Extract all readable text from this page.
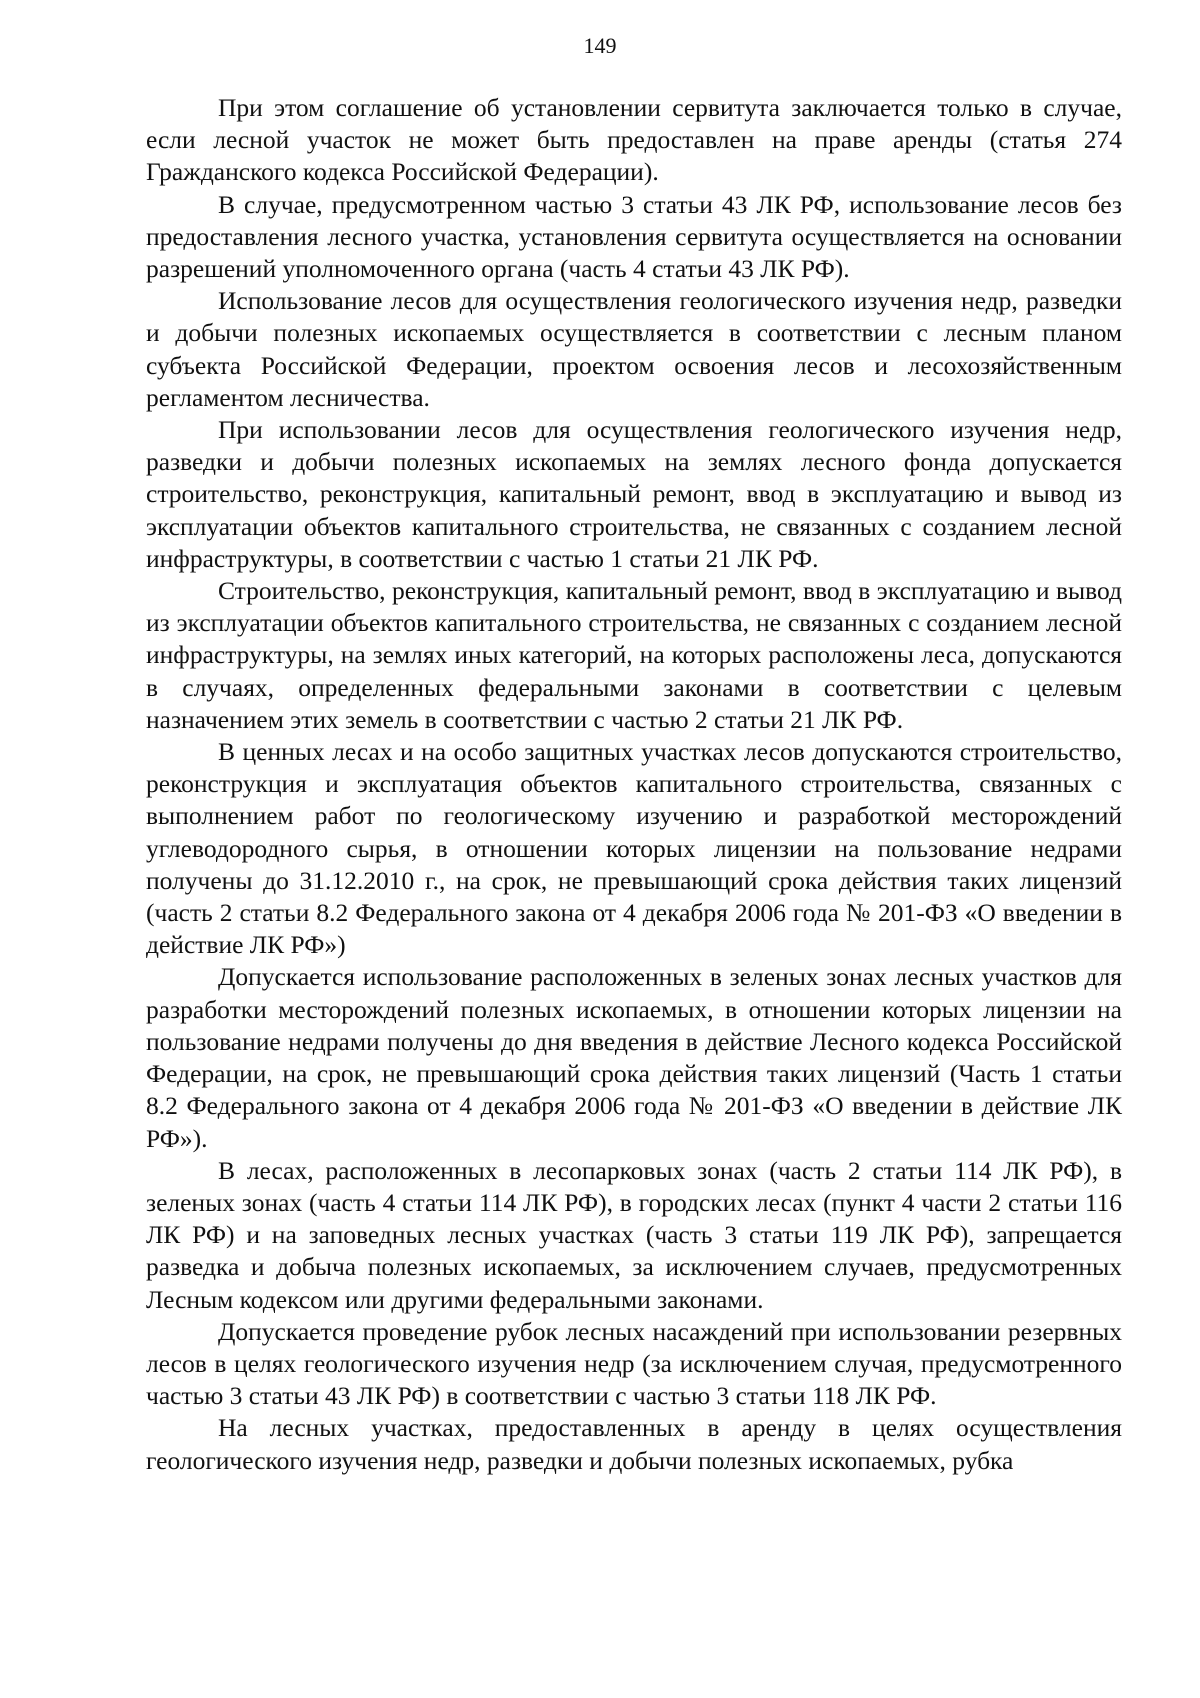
149

При этом соглашение об установлении сервитута заключается только в случае, если лесной участок не может быть предоставлен на праве аренды (статья 274 Гражданского кодекса Российской Федерации).

В случае, предусмотренном частью 3 статьи 43 ЛК РФ, использование лесов без предоставления лесного участка, установления сервитута осуществляется на основании разрешений уполномоченного органа (часть 4 статьи 43 ЛК РФ).

Использование лесов для осуществления геологического изучения недр, разведки и добычи полезных ископаемых осуществляется в соответствии с лесным планом субъекта Российской Федерации, проектом освоения лесов и лесохозяйственным регламентом лесничества.

При использовании лесов для осуществления геологического изучения недр, разведки и добычи полезных ископаемых на землях лесного фонда допускается строительство, реконструкция, капитальный ремонт, ввод в эксплуатацию и вывод из эксплуатации объектов капитального строительства, не связанных с созданием лесной инфраструктуры, в соответствии с частью 1 статьи 21 ЛК РФ.

Строительство, реконструкция, капитальный ремонт, ввод в эксплуатацию и вывод из эксплуатации объектов капитального строительства, не связанных с созданием лесной инфраструктуры, на землях иных категорий, на которых расположены леса, допускаются в случаях, определенных федеральными законами в соответствии с целевым назначением этих земель в соответствии с частью 2 статьи 21 ЛК РФ.

В ценных лесах и на особо защитных участках лесов допускаются строительство, реконструкция и эксплуатация объектов капитального строительства, связанных с выполнением работ по геологическому изучению и разработкой месторождений углеводородного сырья, в отношении которых лицензии на пользование недрами получены до 31.12.2010 г., на срок, не превышающий срока действия таких лицензий (часть 2 статьи 8.2 Федерального закона от 4 декабря 2006 года № 201-ФЗ «О введении в действие ЛК РФ»)

Допускается использование расположенных в зеленых зонах лесных участков для разработки месторождений полезных ископаемых, в отношении которых лицензии на пользование недрами получены до дня введения в действие Лесного кодекса Российской Федерации, на срок, не превышающий срока действия таких лицензий (Часть 1 статьи 8.2 Федерального закона от 4 декабря 2006 года № 201-ФЗ «О введении в действие ЛК РФ»).

В лесах, расположенных в лесопарковых зонах (часть 2 статьи 114 ЛК РФ), в зеленых зонах (часть 4 статьи 114 ЛК РФ), в городских лесах (пункт 4 части 2 статьи 116 ЛК РФ) и на заповедных лесных участках (часть 3 статьи 119 ЛК РФ), запрещается разведка и добыча полезных ископаемых, за исключением случаев, предусмотренных Лесным кодексом или другими федеральными законами.

Допускается проведение рубок лесных насаждений при использовании резервных лесов в целях геологического изучения недр (за исключением случая, предусмотренного частью 3 статьи 43 ЛК РФ) в соответствии с частью 3 статьи 118 ЛК РФ.

На лесных участках, предоставленных в аренду в целях осуществления геологического изучения недр, разведки и добычи полезных ископаемых, рубка
